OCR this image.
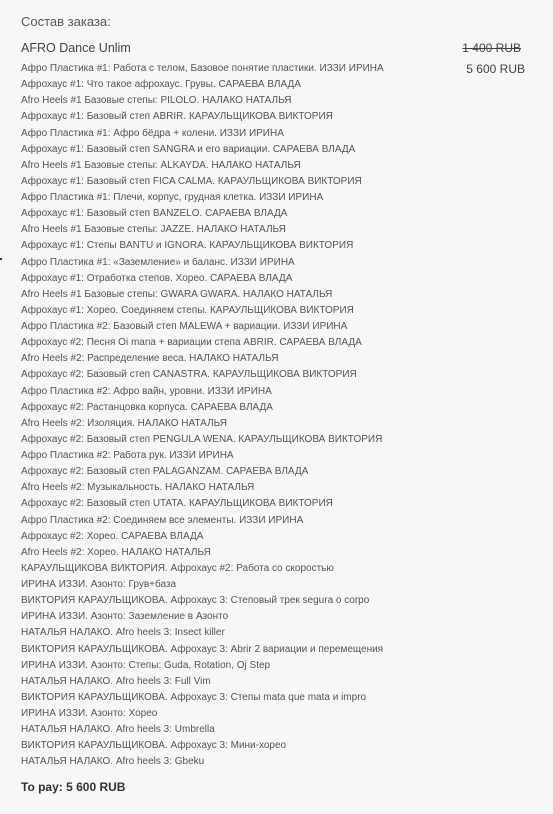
Состав заказа:
AFRO Dance Unlim	1 400 RUB
5 600 RUB
Афро Пластика #1: Работа с телом, Базовое понятие пластики. ИЗЗИ ИРИНА
Афрохаус #1: Что такое афрохаус. Грувы. САРАЕВА ВЛАДА
Afro Heels #1 Базовые степы: PILOLO. НАЛАКО НАТАЛЬЯ
Афрохаус #1: Базовый степ ABRIR. КАРАУЛЬЩИКОВА ВИКТОРИЯ
Афро Пластика #1: Афро бёдра + колени. ИЗЗИ ИРИНА
Афрохаус #1: Базовый степ SANGRA и его вариации. САРАЕВА ВЛАДА
Afro Heels #1 Базовые степы: ALKAYDA. НАЛАКО НАТАЛЬЯ
Афрохаус #1: Базовый степ FICA CALMA. КАРАУЛЬЩИКОВА ВИКТОРИЯ
Афро Пластика #1: Плечи, корпус, грудная клетка. ИЗЗИ ИРИНА
Афрохаус #1: Базовый степ BANZELO. САРАЕВА ВЛАДА
Afro Heels #1 Базовые степы: JAZZE. НАЛАКО НАТАЛЬЯ
Афрохаус #1: Степы BANTU и IGNORA. КАРАУЛЬЩИКОВА ВИКТОРИЯ
Афро Пластика #1: «Заземление» и баланс. ИЗЗИ ИРИНА
Афрохаус #1: Отработка степов. Хорео. САРАЕВА ВЛАДА
Afro Heels #1 Базовые степы: GWARA GWARA. НАЛАКО НАТАЛЬЯ
Афрохаус #1: Хорео. Соединяем степы. КАРАУЛЬЩИКОВА ВИКТОРИЯ
Афро Пластика #2: Базовый степ MALEWA + вариации. ИЗЗИ ИРИНА
Афрохаус #2: Песня Oi mana + вариации степа ABRIR. САРАЕВА ВЛАДА
Afro Heels #2: Распределение веса. НАЛАКО НАТАЛЬЯ
Афрохаус #2: Базовый степ CANASTRA. КАРАУЛЬЩИКОВА ВИКТОРИЯ
Афро Пластика #2: Афро вайн, уровни. ИЗЗИ ИРИНА
Афрохаус #2: Растанцовка корпуса. САРАЕВА ВЛАДА
Afro Heels #2: Изоляция. НАЛАКО НАТАЛЬЯ
Афрохаус #2: Базовый степ PENGULA WENA. КАРАУЛЬЩИКОВА ВИКТОРИЯ
Афро Пластика #2: Работа рук. ИЗЗИ ИРИНА
Афрохаус #2: Базовый степ PALAGANZAM. САРАЕВА ВЛАДА
Afro Heels #2: Музыкальность. НАЛАКО НАТАЛЬЯ
Афрохаус #2: Базовый степ UTATA. КАРАУЛЬЩИКОВА ВИКТОРИЯ
Афро Пластика #2: Соединяем все элементы. ИЗЗИ ИРИНА
Афрохаус #2: Хорео. САРАЕВА ВЛАДА
Afro Heels #2: Хорео. НАЛАКО НАТАЛЬЯ
КАРАУЛЬЩИКОВА ВИКТОРИЯ. Афрохаус #2: Работа со скоростью
ИРИНА ИЗЗИ. Азонто: Грув+база
ВИКТОРИЯ КАРАУЛЬЩИКОВА. Афрохаус 3: Степовый трек segura o corpo
ИРИНА ИЗЗИ. Азонто: Заземление в Азонто
НАТАЛЬЯ НАЛАКО. Afro heels 3: Insect killer
ВИКТОРИЯ КАРАУЛЬЩИКОВА. Афрохаус 3: Abrir 2 вариации и перемещения
ИРИНА ИЗЗИ. Азонто: Степы: Guda, Rotation, Oj Step
НАТАЛЬЯ НАЛАКО. Afro heels 3: Full Vim
ВИКТОРИЯ КАРАУЛЬЩИКОВА. Афрохаус 3: Степы mata que mata и impro
ИРИНА ИЗЗИ. Азонто: Хорео
НАТАЛЬЯ НАЛАКО. Afro heels 3: Umbrella
ВИКТОРИЯ КАРАУЛЬЩИКОВА. Афрохаус 3: Мини-хорео
НАТАЛЬЯ НАЛАКО. Afro heels 3: Gbeku
To pay: 5 600 RUB
